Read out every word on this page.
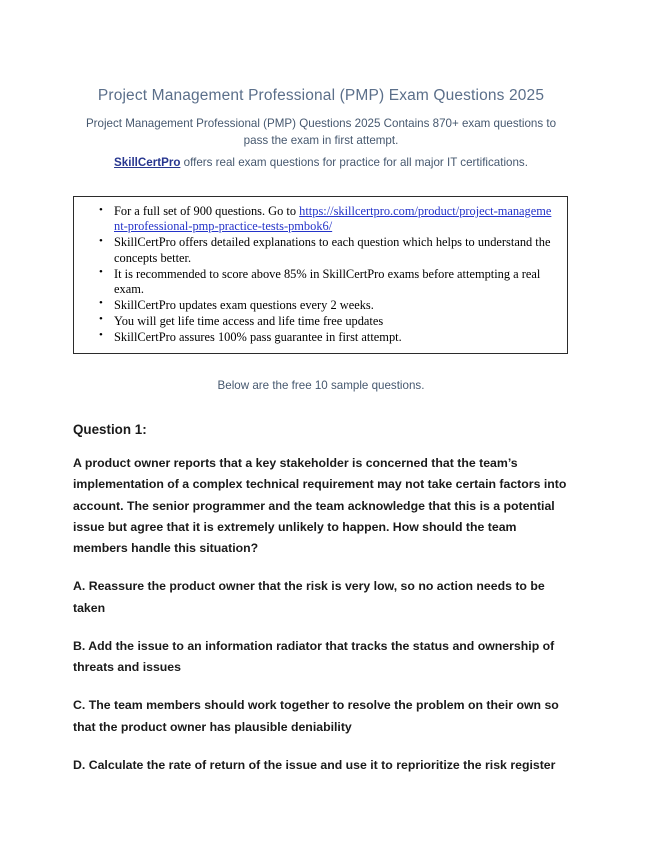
Project Management Professional (PMP) Exam Questions 2025

Project Management Professional (PMP) Questions 2025 Contains 870+ exam questions to pass the exam in first attempt.

SkillCertPro offers real exam questions for practice for all major IT certifications.

• For a full set of 900 questions. Go to https://skillcertpro.com/product/project-management-professional-pmp-practice-tests-pmbok6/
• SkillCertPro offers detailed explanations to each question which helps to understand the concepts better.
• It is recommended to score above 85% in SkillCertPro exams before attempting a real exam.
• SkillCertPro updates exam questions every 2 weeks.
• You will get life time access and life time free updates
• SkillCertPro assures 100% pass guarantee in first attempt.
Below are the free 10 sample questions.
Question 1:
A product owner reports that a key stakeholder is concerned that the team’s implementation of a complex technical requirement may not take certain factors into account. The senior programmer and the team acknowledge that this is a potential issue but agree that it is extremely unlikely to happen. How should the team members handle this situation?
A. Reassure the product owner that the risk is very low, so no action needs to be taken
B. Add the issue to an information radiator that tracks the status and ownership of threats and issues
C. The team members should work together to resolve the problem on their own so that the product owner has plausible deniability
D. Calculate the rate of return of the issue and use it to reprioritize the risk register
